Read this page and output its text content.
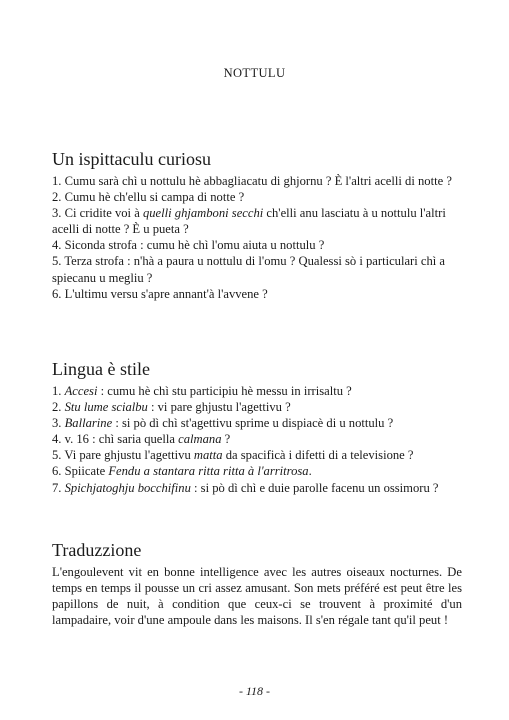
NOTTULU
Un ispittaculu curiosu
1. Cumu sarà chì u nottulu hè abbagliacatu di ghjornu ? È l'altri acelli di notte ?
2. Cumu hè ch'ellu si campa di notte ?
3. Ci cridite voi à quelli ghjamboni secchi ch'elli anu lasciatu à u nottulu l'altri acelli di notte ? È u pueta ?
4. Siconda strofa : cumu hè chì l'omu aiuta u nottulu ?
5. Terza strofa : n'hà a paura u nottulu di l'omu ? Qualessi sò i particulari chì a spiecanu u megliu ?
6. L'ultimu versu s'apre annant'à l'avvene ?
Lingua è stile
1. Accesi : cumu hè chì stu participiu hè messu in irrisaltu ?
2. Stu lume scialbu : vi pare ghjustu l'agettivu ?
3. Ballarine : si pò dì chì st'agettivu sprime u dispiacè di u nottulu ?
4. v. 16 : chì saria quella calmana ?
5. Vi pare ghjustu l'agettivu matta da spacificà i difetti di a televisione ?
6. Spiicate Fendu a stantara ritta ritta à l'arritrosa.
7. Spichjatoghju bocchifinu : si pò dì chì e duie parolle facenu un ossimoru ?
Traduzzione

L'engoulevent vit en bonne intelligence avec les autres oiseaux nocturnes. De temps en temps il pousse un cri assez amusant. Son mets préféré est peut être les papillons de nuit, à condition que ceux-ci se trouvent à proximité d'un lampadaire, voir d'une ampoule dans les maisons. Il s'en régale tant qu'il peut !

- 118 -
